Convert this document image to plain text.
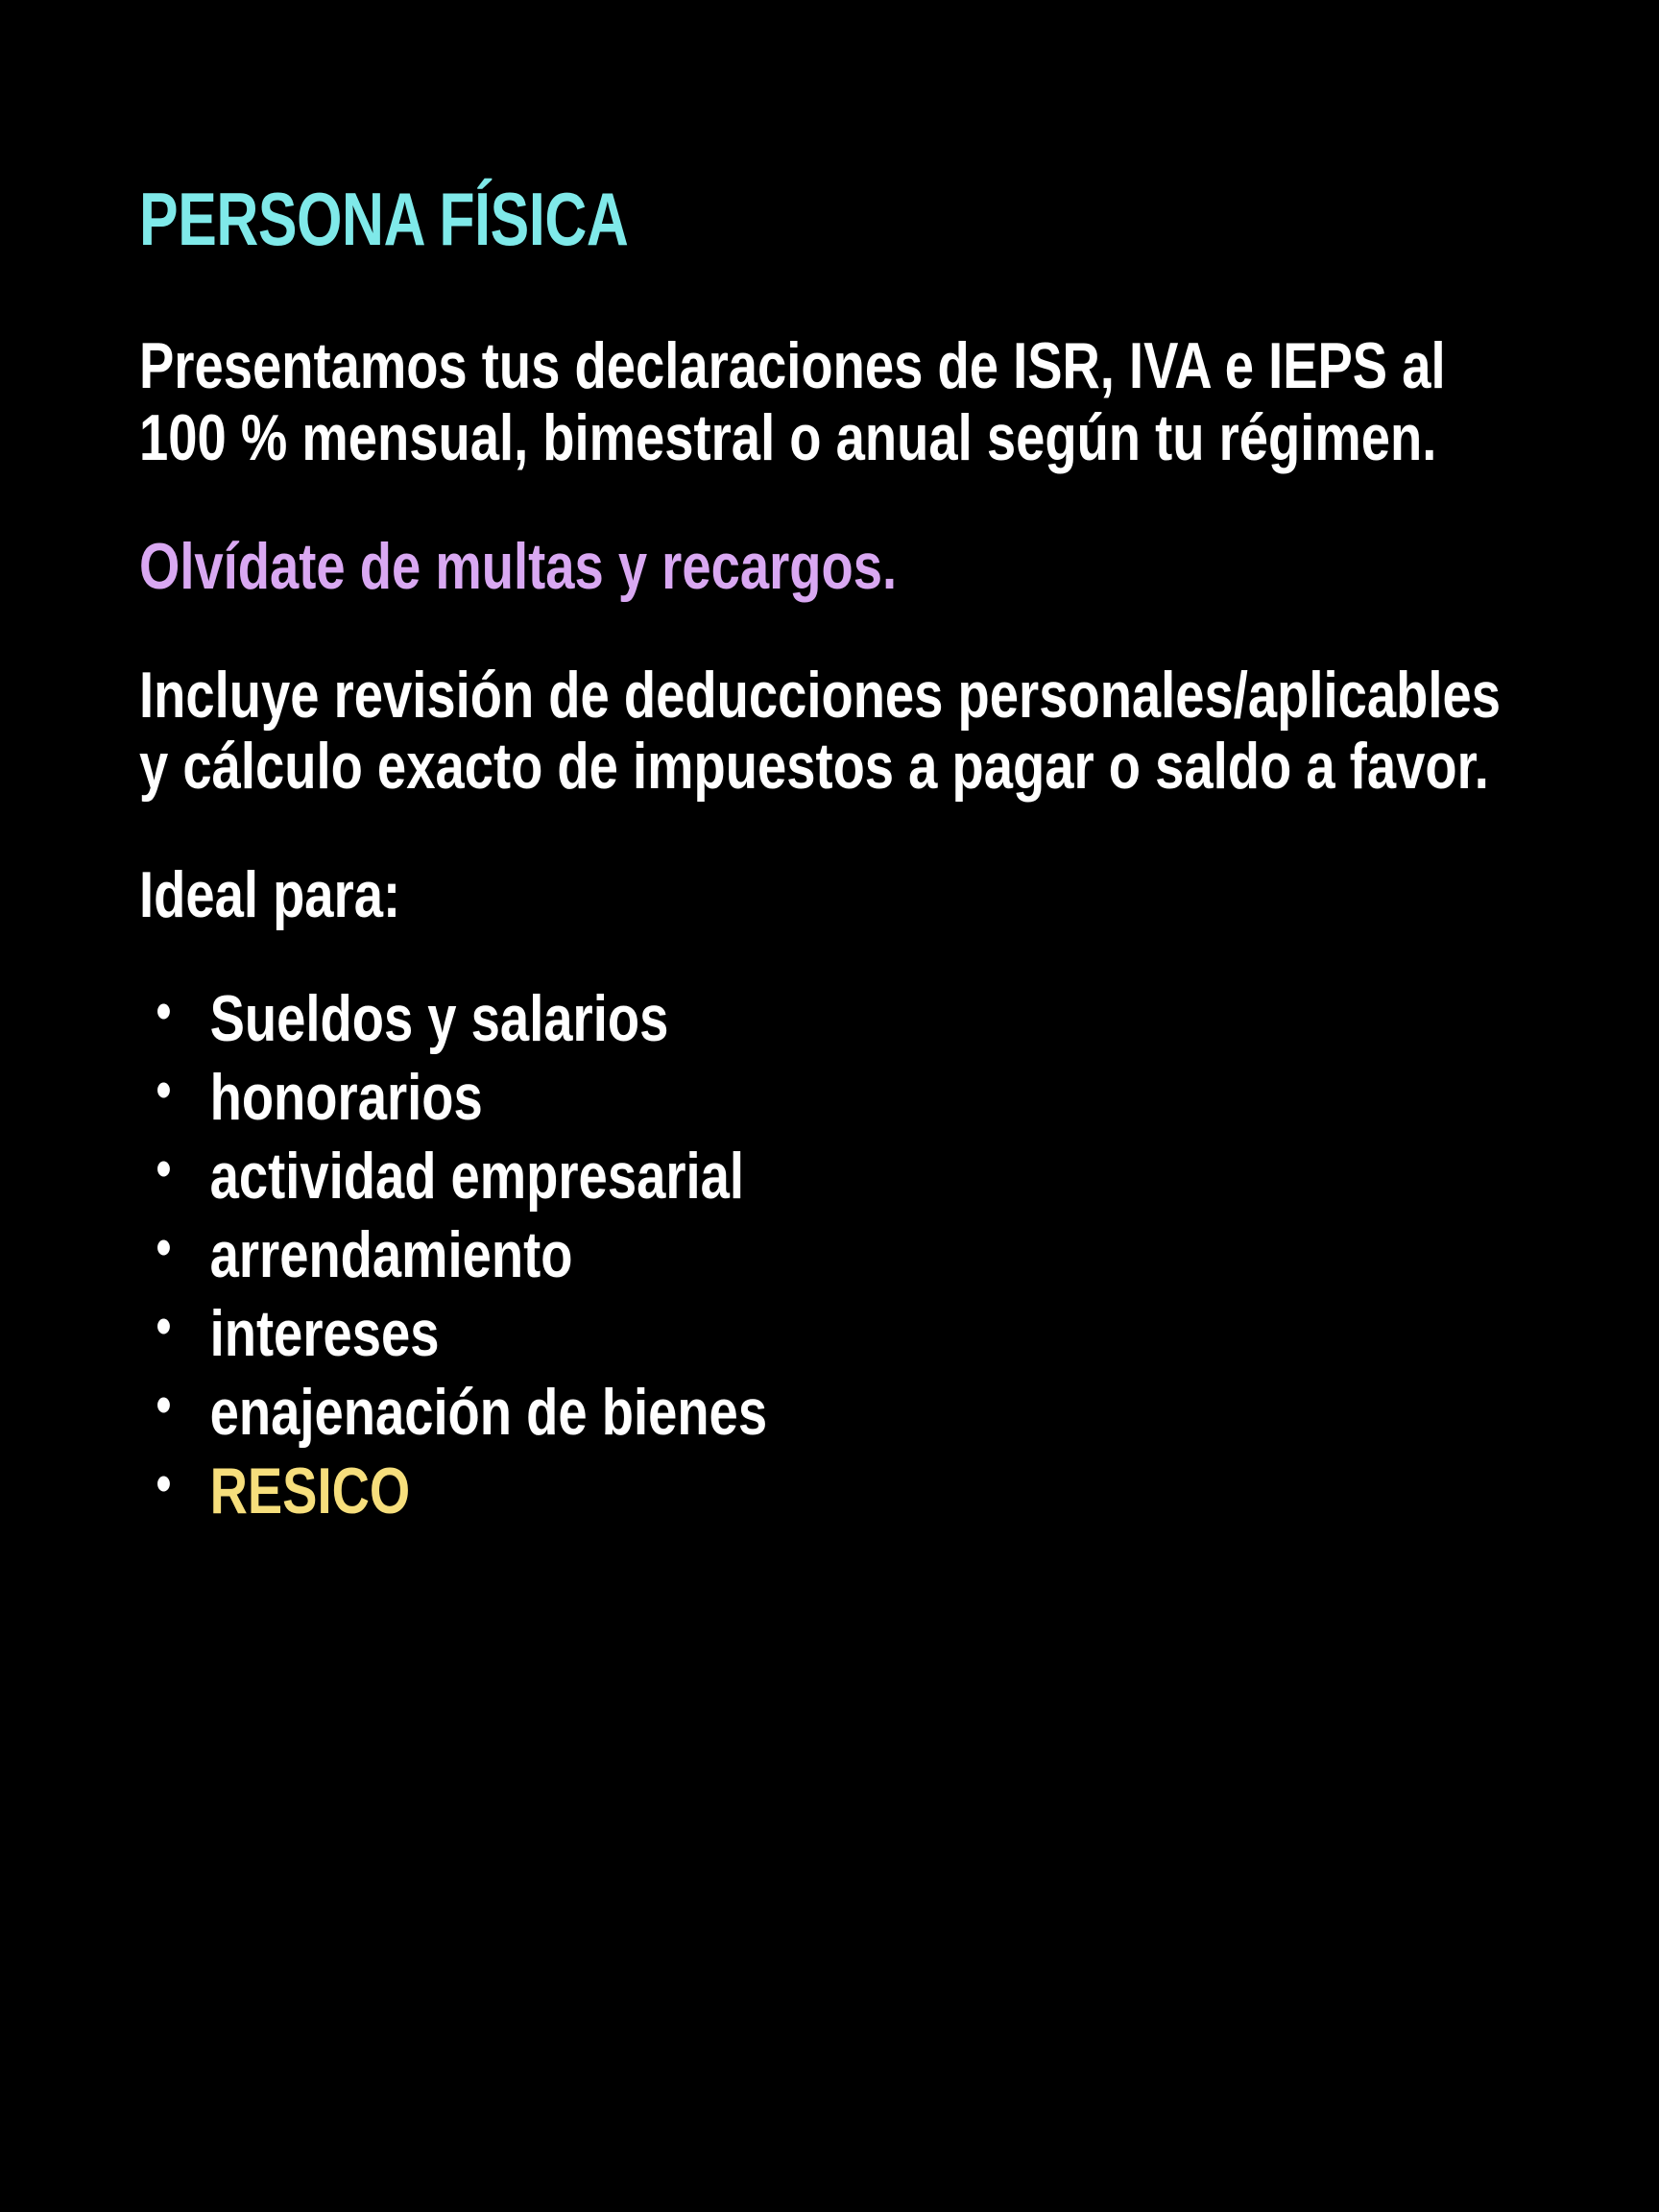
PERSONA FÍSICA

Presentamos tus declaraciones de ISR, IVA e IEPS al 100 % mensual, bimestral o anual según tu régimen.

Olvídate de multas y recargos.

Incluye revisión de deducciones personales/aplicables y cálculo exacto de impuestos a pagar o saldo a favor.

Ideal para:

• Sueldos y salarios
• honorarios
• actividad empresarial
• arrendamiento
• intereses
• enajenación de bienes
• RESICO
